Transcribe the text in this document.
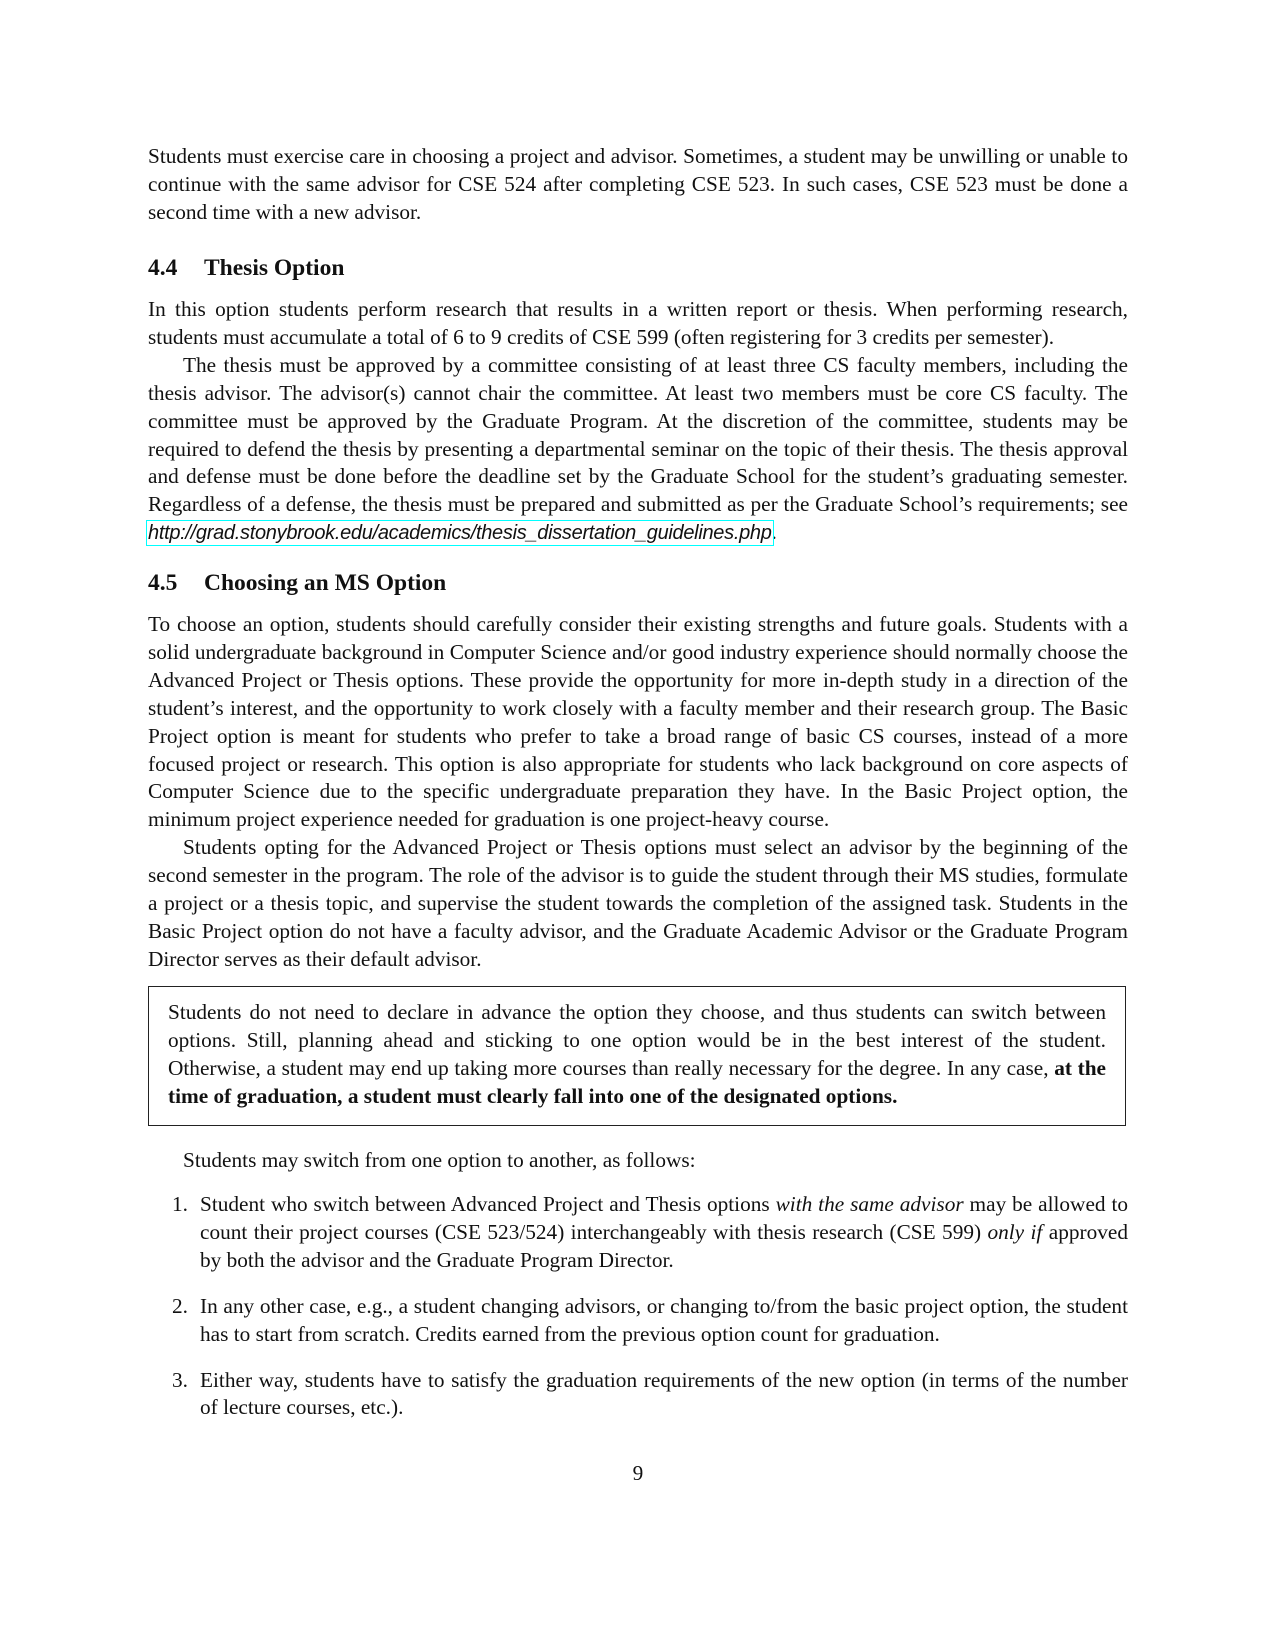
Students must exercise care in choosing a project and advisor. Sometimes, a student may be unwilling or unable to continue with the same advisor for CSE 524 after completing CSE 523. In such cases, CSE 523 must be done a second time with a new advisor.

4.4 Thesis Option

In this option students perform research that results in a written report or thesis. When performing research, students must accumulate a total of 6 to 9 credits of CSE 599 (often registering for 3 credits per semester).

The thesis must be approved by a committee consisting of at least three CS faculty members, including the thesis advisor. The advisor(s) cannot chair the committee. At least two members must be core CS faculty. The committee must be approved by the Graduate Program. At the discretion of the committee, students may be required to defend the thesis by presenting a departmental seminar on the topic of their thesis. The thesis approval and defense must be done before the deadline set by the Graduate School for the student’s graduating semester. Regardless of a defense, the thesis must be prepared and submitted as per the Graduate School’s requirements; see http://grad.stonybrook.edu/academics/thesis_dissertation_guidelines.php.

4.5 Choosing an MS Option

To choose an option, students should carefully consider their existing strengths and future goals. Students with a solid undergraduate background in Computer Science and/or good industry experience should normally choose the Advanced Project or Thesis options. These provide the opportunity for more in-depth study in a direction of the student’s interest, and the opportunity to work closely with a faculty member and their research group. The Basic Project option is meant for students who prefer to take a broad range of basic CS courses, instead of a more focused project or research. This option is also appropriate for students who lack background on core aspects of Computer Science due to the specific undergraduate preparation they have. In the Basic Project option, the minimum project experience needed for graduation is one project-heavy course.

Students opting for the Advanced Project or Thesis options must select an advisor by the beginning of the second semester in the program. The role of the advisor is to guide the student through their MS studies, formulate a project or a thesis topic, and supervise the student towards the completion of the assigned task. Students in the Basic Project option do not have a faculty advisor, and the Graduate Academic Advisor or the Graduate Program Director serves as their default advisor.

Students do not need to declare in advance the option they choose, and thus students can switch between options. Still, planning ahead and sticking to one option would be in the best interest of the student. Otherwise, a student may end up taking more courses than really necessary for the degree. In any case, at the time of graduation, a student must clearly fall into one of the designated options.

Students may switch from one option to another, as follows:

1. Student who switch between Advanced Project and Thesis options with the same advisor may be allowed to count their project courses (CSE 523/524) interchangeably with thesis research (CSE 599) only if approved by both the advisor and the Graduate Program Director.
2. In any other case, e.g., a student changing advisors, or changing to/from the basic project option, the student has to start from scratch. Credits earned from the previous option count for graduation.
3. Either way, students have to satisfy the graduation requirements of the new option (in terms of the number of lecture courses, etc.).
9
